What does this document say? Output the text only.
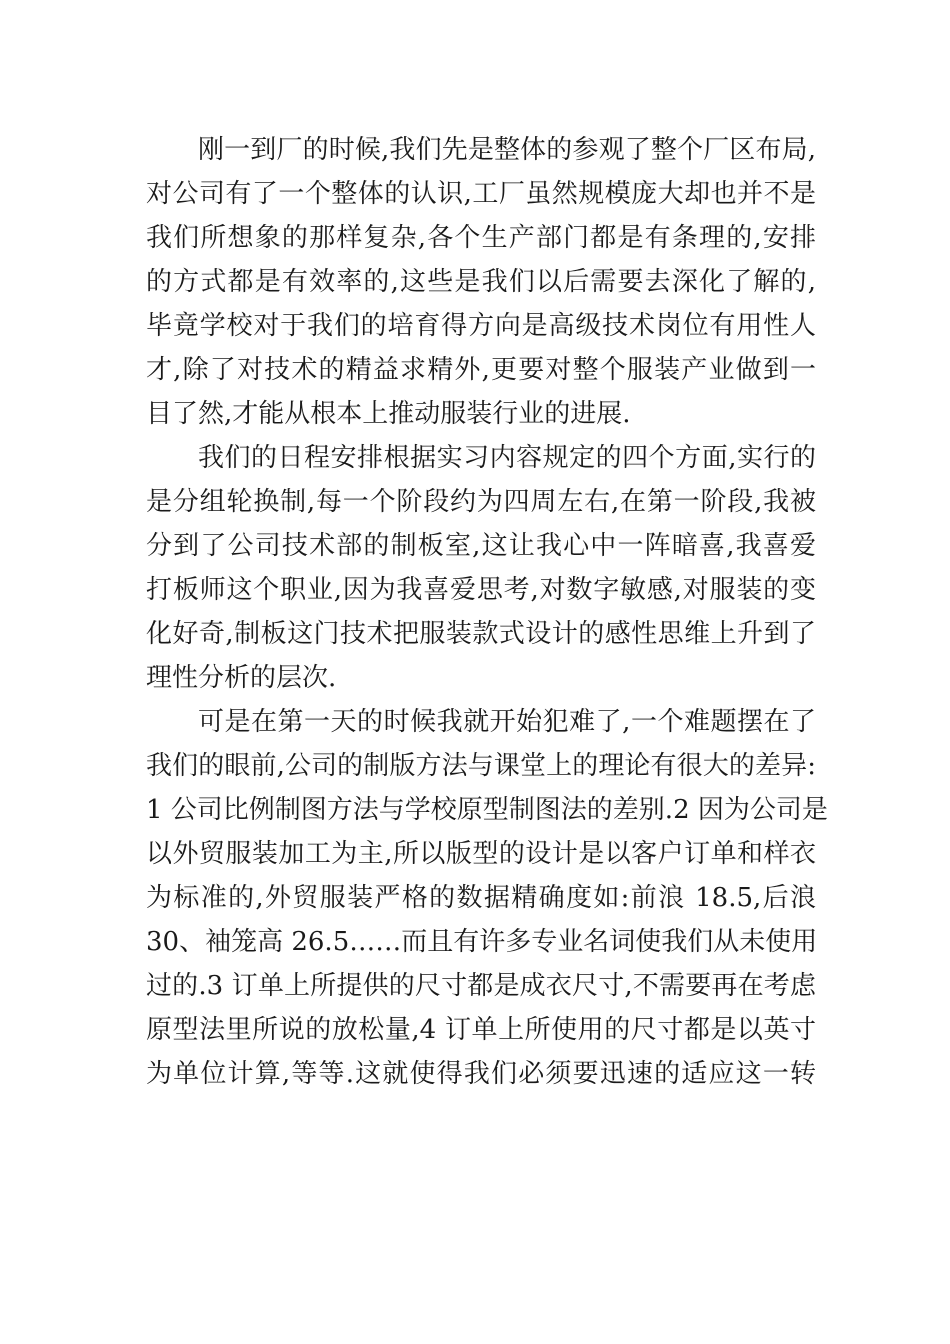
刚一到厂的时候,我们先是整体的参观了整个厂区布局,
对公司有了一个整体的认识,工厂虽然规模庞大却也并不是
我们所想象的那样复杂,各个生产部门都是有条理的,安排
的方式都是有效率的,这些是我们以后需要去深化了解的,
毕竟学校对于我们的培育得方向是高级技术岗位有用性人
才,除了对技术的精益求精外,更要对整个服装产业做到一
目了然,才能从根本上推动服装行业的进展.
我们的日程安排根据实习内容规定的四个方面,实行的
是分组轮换制,每一个阶段约为四周左右,在第一阶段,我被
分到了公司技术部的制板室,这让我心中一阵暗喜,我喜爱
打板师这个职业,因为我喜爱思考,对数字敏感,对服装的变
化好奇,制板这门技术把服装款式设计的感性思维上升到了
理性分析的层次.
可是在第一天的时候我就开始犯难了,一个难题摆在了
我们的眼前,公司的制版方法与课堂上的理论有很大的差异:
1 公司比例制图方法与学校原型制图法的差别.2 因为公司是
以外贸服装加工为主,所以版型的设计是以客户订单和样衣
为标准的,外贸服装严格的数据精确度如:前浪 18.5,后浪
30、袖笼高 26.5……而且有许多专业名词使我们从未使用
过的.3 订单上所提供的尺寸都是成衣尺寸,不需要再在考虑
原型法里所说的放松量,4 订单上所使用的尺寸都是以英寸
为单位计算,等等.这就使得我们必须要迅速的适应这一转
